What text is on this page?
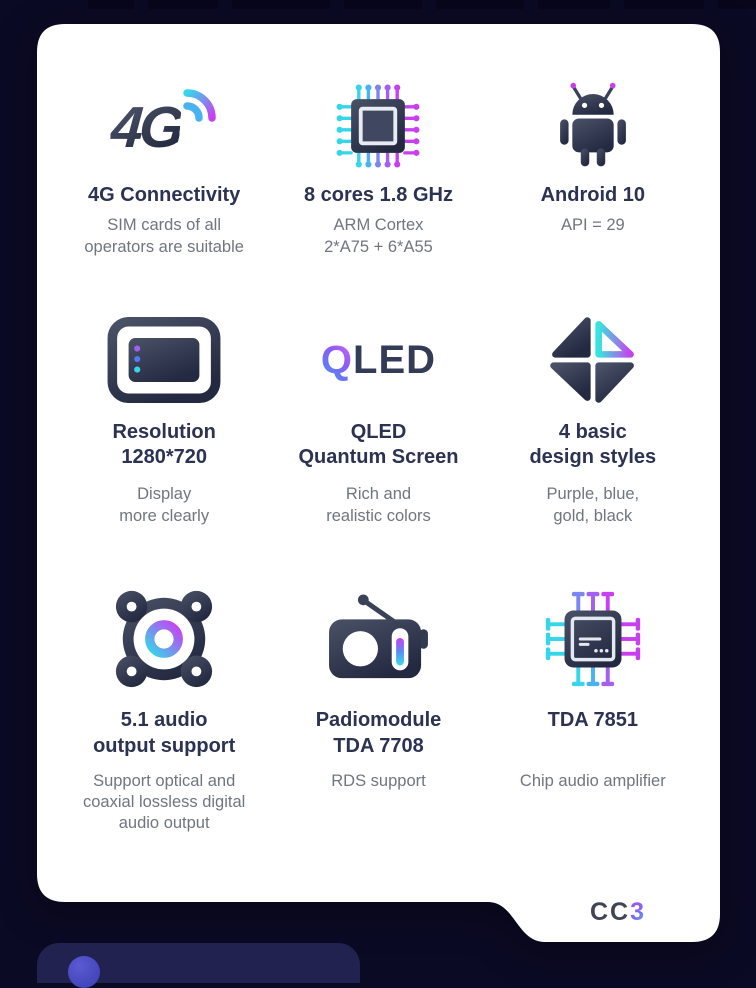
4G
4G Connectivity
SIM cards of all
operators are suitable
8 cores 1.8 GHz
ARM Cortex
2*A75 + 6*A55
Android 10
API = 29
Resolution
1280*720
Display
more clearly
QLED
QLED
Quantum Screen
Rich and
realistic colors
4 basic
design styles
Purple, blue,
gold, black
5.1 audio
output support
Support optical and
coaxial lossless digital
audio output
Padiomodule
TDA 7708
RDS support
TDA 7851
Chip audio amplifier
CC3
